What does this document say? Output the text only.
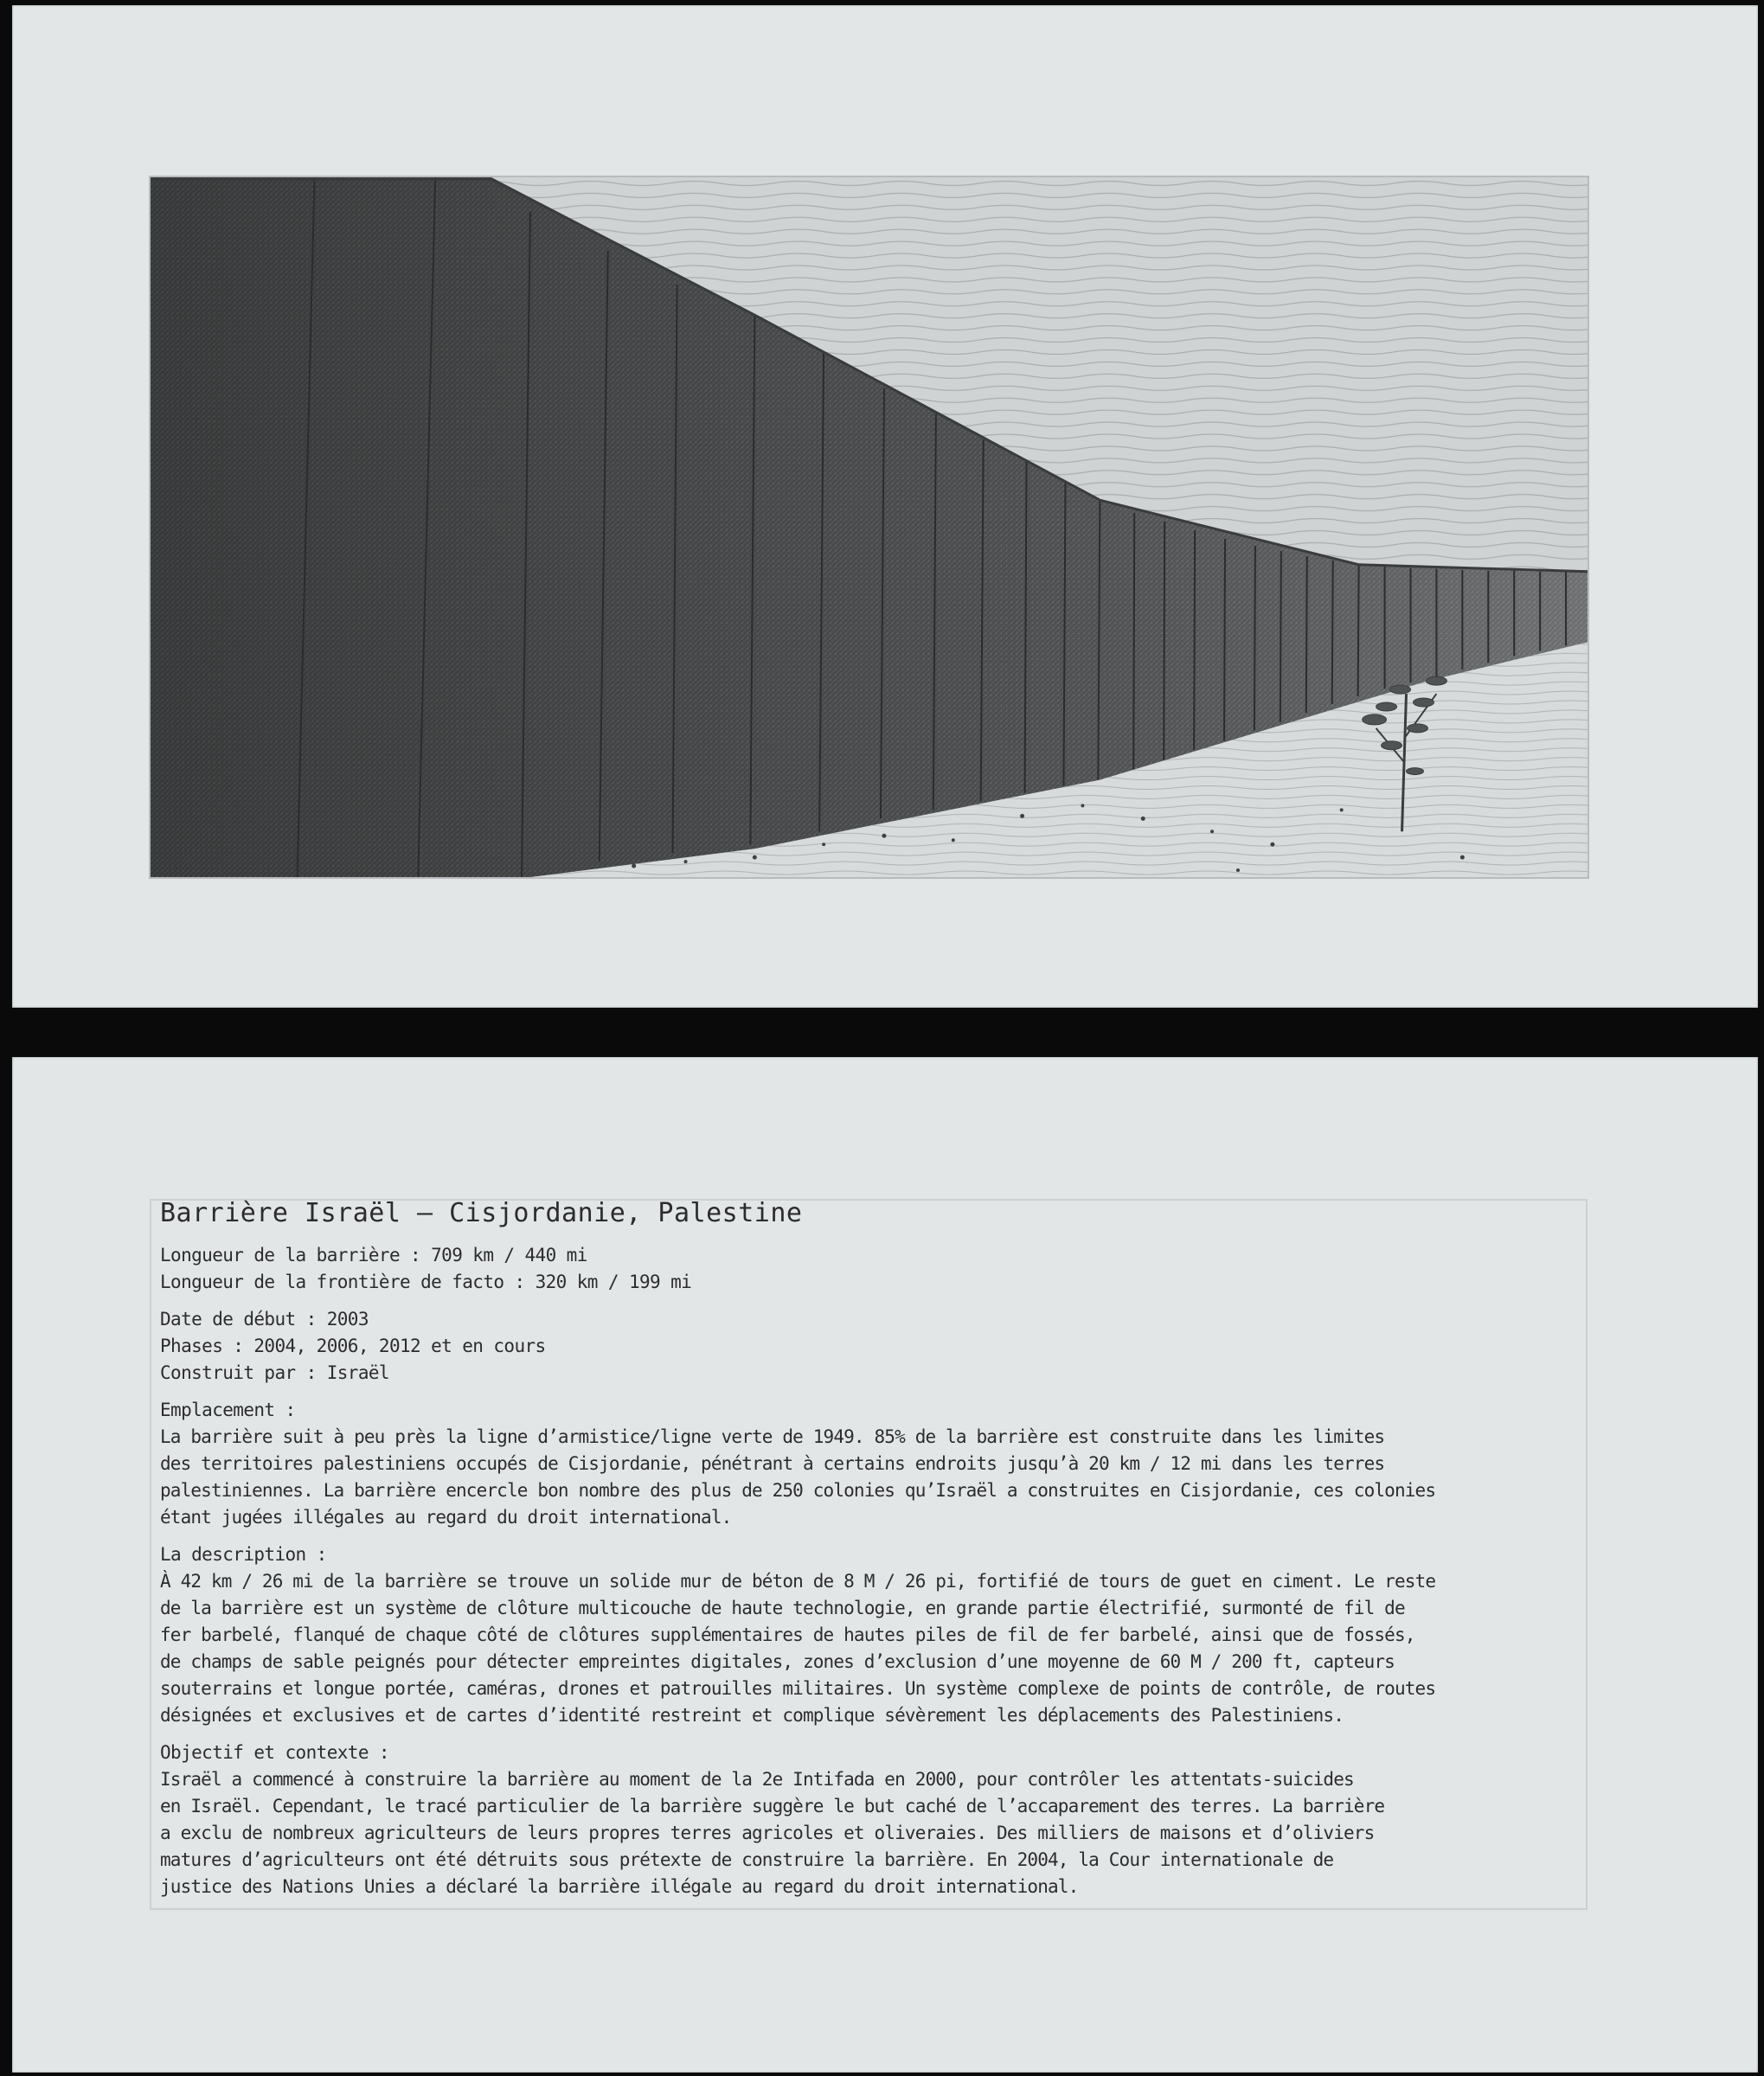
Barrière Israël – Cisjordanie, Palestine
Longueur de la barrière : 709 km / 440 mi
Longueur de la frontière de facto : 320 km / 199 mi
Date de début : 2003
Phases : 2004, 2006, 2012 et en cours
Construit par : Israël
Emplacement :
La barrière suit à peu près la ligne d’armistice/ligne verte de 1949. 85% de la barrière est construite dans les limites
des territoires palestiniens occupés de Cisjordanie, pénétrant à certains endroits jusqu’à 20 km / 12 mi dans les terres
palestiniennes. La barrière encercle bon nombre des plus de 250 colonies qu’Israël a construites en Cisjordanie, ces colonies
étant jugées illégales au regard du droit international.
La description :
À 42 km / 26 mi de la barrière se trouve un solide mur de béton de 8 M / 26 pi, fortifié de tours de guet en ciment. Le reste
de la barrière est un système de clôture multicouche de haute technologie, en grande partie électrifié, surmonté de fil de
fer barbelé, flanqué de chaque côté de clôtures supplémentaires de hautes piles de fil de fer barbelé, ainsi que de fossés,
de champs de sable peignés pour détecter empreintes digitales, zones d’exclusion d’une moyenne de 60 M / 200 ft, capteurs
souterrains et longue portée, caméras, drones et patrouilles militaires. Un système complexe de points de contrôle, de routes
désignées et exclusives et de cartes d’identité restreint et complique sévèrement les déplacements des Palestiniens.
Objectif et contexte :
Israël a commencé à construire la barrière au moment de la 2e Intifada en 2000, pour contrôler les attentats-suicides
en Israël. Cependant, le tracé particulier de la barrière suggère le but caché de l’accaparement des terres. La barrière
a exclu de nombreux agriculteurs de leurs propres terres agricoles et oliveraies. Des milliers de maisons et d’oliviers
matures d’agriculteurs ont été détruits sous prétexte de construire la barrière. En 2004, la Cour internationale de
justice des Nations Unies a déclaré la barrière illégale au regard du droit international.
